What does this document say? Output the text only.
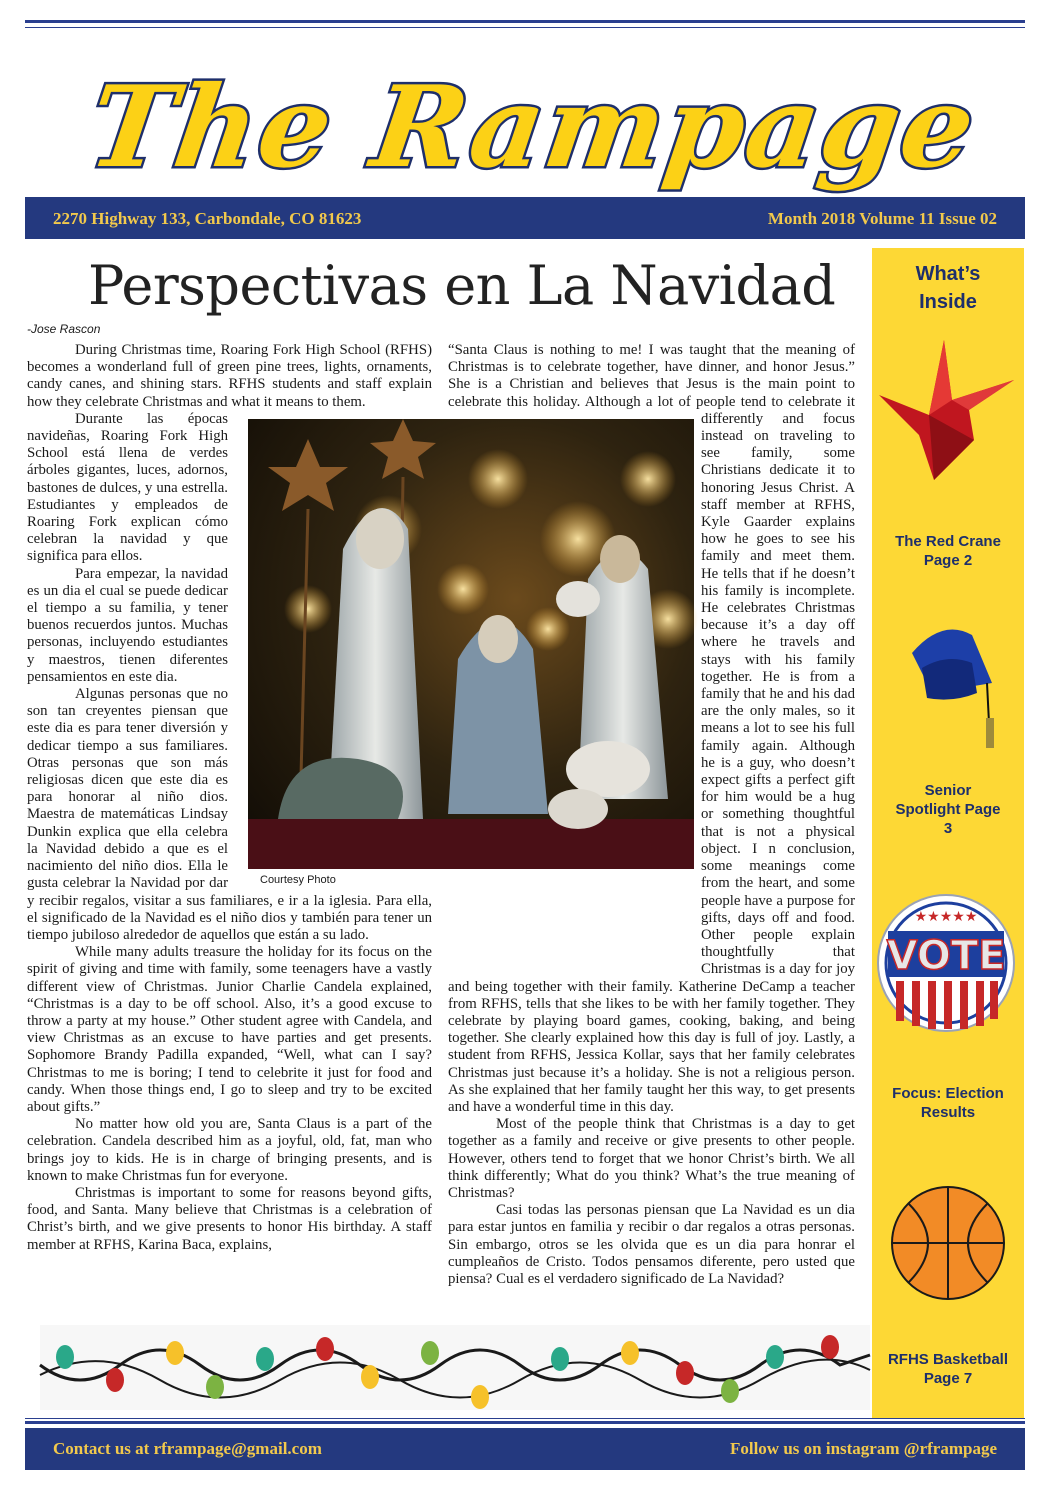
The Rampage
2270 Highway 133, Carbondale, CO 81623	Month 2018 Volume 11 Issue 02
Perspectivas en La Navidad
-Jose Rascon

During Christmas time, Roaring Fork High School (RFHS) becomes a wonderland full of green pine trees, lights, ornaments, candy canes, and shining stars. RFHS students and staff explain how they celebrate Christmas and what it means to them.

Durante las épocas navideñas, Roaring Fork High School está llena de verdes árboles gigantes, luces, adornos, bastones de dulces, y una estrella. Estudiantes y empleados de Roaring Fork explican cómo celebran la navidad y que significa para ellos.

Para empezar, la navidad es un dia el cual se puede dedicar el tiempo a su familia, y tener buenos recuerdos juntos. Muchas personas, incluyendo estudiantes y maestros, tienen diferentes pensamientos en este dia.

Algunas personas que no son tan creyentes piensan que este dia es para tener diversión y dedicar tiempo a sus familiares. Otras personas que son más religiosas dicen que este dia es para honorar al niño dios. Maestra de matemáticas Lindsay Dunkin explica que ella celebra la Navidad debido a que es el nacimiento del niño dios. Ella le gusta celebrar la Navidad por dar y recibir regalos, visitar a sus familiares, e ir a la iglesia. Para ella, el significado de la Navidad es el niño dios y también para tener un tiempo jubiloso alrededor de aquellos que están a su lado.

While many adults treasure the holiday for its focus on the spirit of giving and time with family, some teenagers have a vastly different view of Christmas. Junior Charlie Candela explained, “Christmas is a day to be off school. Also, it’s a good excuse to throw a party at my house.” Other student agree with Candela, and view Christmas as an excuse to have parties and get presents. Sophomore Brandy Padilla expanded, “Well, what can I say? Christmas to me is boring; I tend to celebrite it just for food and candy. When those things end, I go to sleep and try to be excited about gifts.”

No matter how old you are, Santa Claus is a part of the celebration. Candela described him as a joyful, old, fat, man who brings joy to kids. He is in charge of bringing presents, and is known to make Christmas fun for everyone.

Christmas is important to some for reasons beyond gifts, food, and Santa. Many believe that Christmas is a celebration of Christ’s birth, and we give presents to honor His birthday. A staff member at RFHS, Karina Baca, explains,

“Santa Claus is nothing to me! I was taught that the meaning of Christmas is to celebrate together, have dinner, and honor Jesus.” She is a Christian and believes that Jesus is the main point to celebrate this holiday. Although a lot of people tend to celebrate it differently and focus instead on traveling to see family, some Christians dedicate it to honoring Jesus Christ. A staff member at RFHS, Kyle Gaarder explains how he goes to see his family and meet them. He tells that if he doesn’t his family is incomplete. He celebrates Christmas because it’s a day off where he travels and stays with his family together. He is from a family that he and his dad are the only males, so it means a lot to see his full family again. Although he is a guy, who doesn’t expect gifts a perfect gift for him would be a hug or something thoughtful that is not a physical object. I n conclusion, some meanings come from the heart, and some people have a purpose for gifts, days off and food. Other people explain thoughtfully that Christmas is a day for joy and being together with their family. Katherine DeCamp a teacher from RFHS, tells that she likes to be with her family together. They celebrate by playing board games, cooking, baking, and being together. She clearly explained how this day is full of joy. Lastly, a student from RFHS, Jessica Kollar, says that her family celebrates Christmas just because it’s a holiday. She is not a religious person. As she explained that her family taught her this way, to get presents and have a wonderful time in this day.

Most of the people think that Christmas is a day to get together as a family and receive or give presents to other people. However, others tend to forget that we honor Christ’s birth. We all think differently; What do you think? What’s the true meaning of Christmas?

Casi todas las personas piensan que La Navidad es un dia para estar juntos en familia y recibir o dar regalos a otras personas. Sin embargo, otros se les olvida que es un dia para honrar el cumpleaños de Cristo. Todos pensamos diferente, pero usted que piensa? Cual es el verdadero significado de La Navidad?

Courtesy Photo
What’s Inside
The Red Crane Page 2
Senior Spotlight Page 3
★★★★★
VOTE
Focus: Election Results
RFHS Basketball Page 7
Contact us at rframpage@gmail.com	Follow us on instagram @rframpage
